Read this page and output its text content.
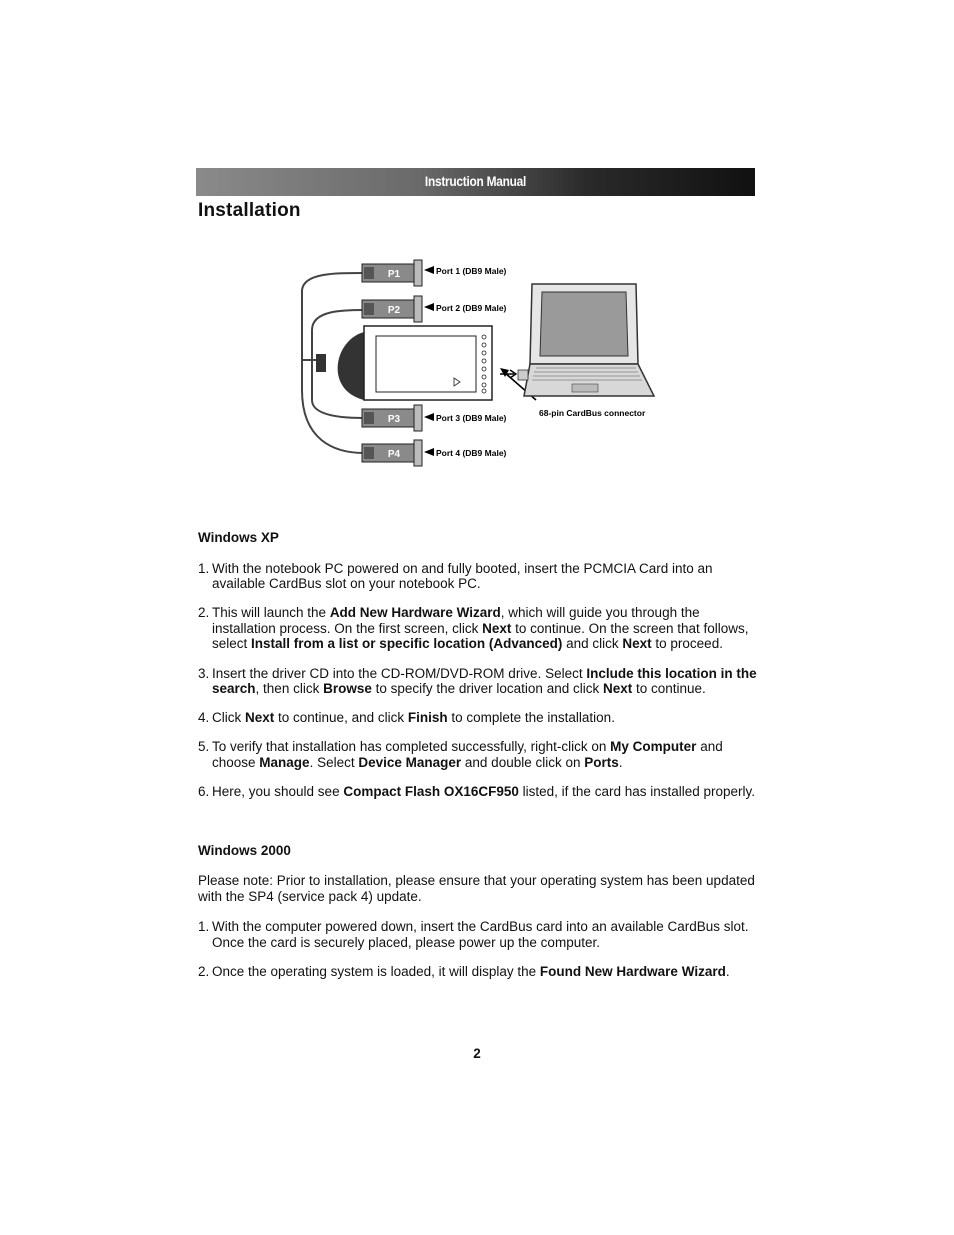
Instruction Manual
Installation
P1
P2
P3
P4
Port 1 (DB9 Male)
Port 2 (DB9 Male)
Port 3 (DB9 Male)
Port 4 (DB9 Male)
68-pin CardBus connector
Windows XP
1. With the notebook PC powered on and fully booted, insert the PCMCIA Card into an available CardBus slot on your notebook PC.
2. This will launch the Add New Hardware Wizard, which will guide you through the installation process. On the first screen, click Next to continue. On the screen that follows, select Install from a list or specific location (Advanced) and click Next to proceed.
3. Insert the driver CD into the CD-ROM/DVD-ROM drive. Select Include this location in the search, then click Browse to specify the driver location and click Next to continue.
4. Click Next to continue, and click Finish to complete the installation.
5. To verify that installation has completed successfully, right-click on My Computer and choose Manage. Select Device Manager and double click on Ports.
6. Here, you should see Compact Flash OX16CF950 listed, if the card has installed properly.
Windows 2000

Please note: Prior to installation, please ensure that your operating system has been updated with the SP4 (service pack 4) update.

1. With the computer powered down, insert the CardBus card into an available CardBus slot. Once the card is securely placed, please power up the computer.
2. Once the operating system is loaded, it will display the Found New Hardware Wizard.
2
